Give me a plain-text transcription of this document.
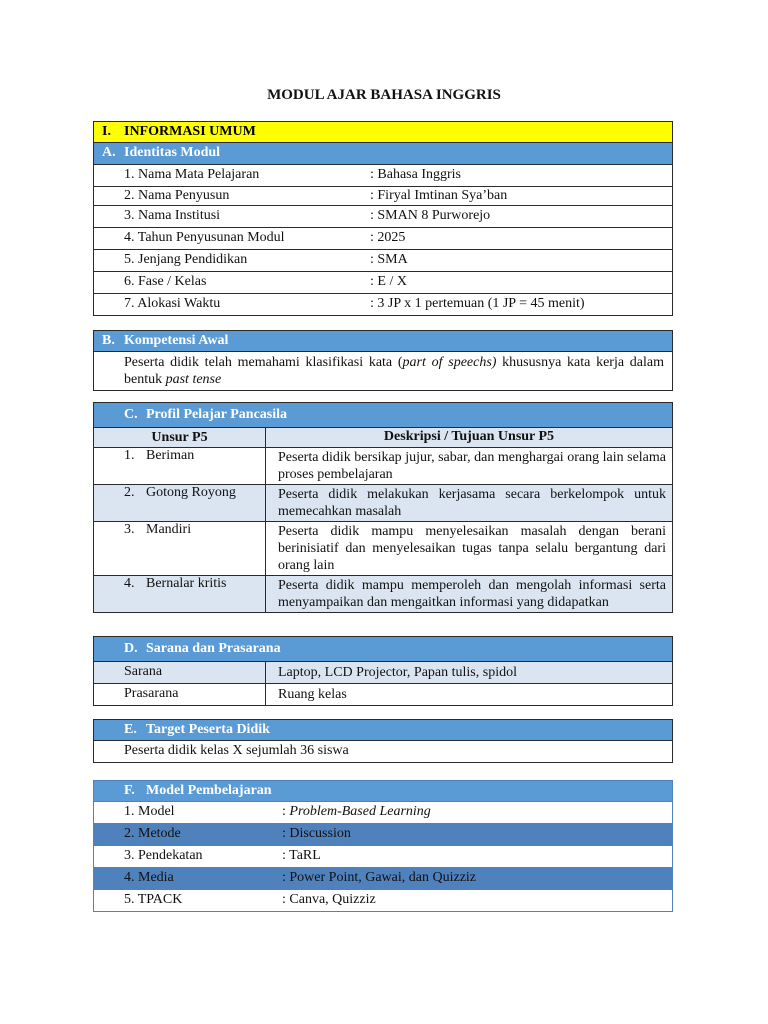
MODUL AJAR BAHASA INGGRIS
I. INFORMASI UMUM
A. Identitas Modul
1. Nama Mata Pelajaran	: Bahasa Inggris
2. Nama Penyusun	: Firyal Imtinan Sya’ban
3. Nama Institusi	: SMAN 8 Purworejo
4. Tahun Penyusunan Modul	: 2025
5. Jenjang Pendidikan	: SMA
6. Fase / Kelas	: E / X
7. Alokasi Waktu	: 3 JP x 1 pertemuan (1 JP = 45 menit)
B. Kompetensi Awal
Peserta didik telah memahami klasifikasi kata (part of speechs) khususnya kata kerja dalam bentuk past tense
C. Profil Pelajar Pancasila
Unsur P5	Deskripsi / Tujuan Unsur P5
1. Beriman	Peserta didik bersikap jujur, sabar, dan menghargai orang lain selama proses pembelajaran
2. Gotong Royong	Peserta didik melakukan kerjasama secara berkelompok untuk memecahkan masalah
3. Mandiri	Peserta didik mampu menyelesaikan masalah dengan berani berinisiatif dan menyelesaikan tugas tanpa selalu bergantung dari orang lain
4. Bernalar kritis	Peserta didik mampu memperoleh dan mengolah informasi serta menyampaikan dan mengaitkan informasi yang didapatkan
D. Sarana dan Prasarana
Sarana	Laptop, LCD Projector, Papan tulis, spidol
Prasarana	Ruang kelas
E. Target Peserta Didik
Peserta didik kelas X sejumlah 36 siswa
F. Model Pembelajaran
1. Model	: Problem-Based Learning
2. Metode	: Discussion
3. Pendekatan	: TaRL
4. Media	: Power Point, Gawai, dan Quizziz
5. TPACK	: Canva, Quizziz
